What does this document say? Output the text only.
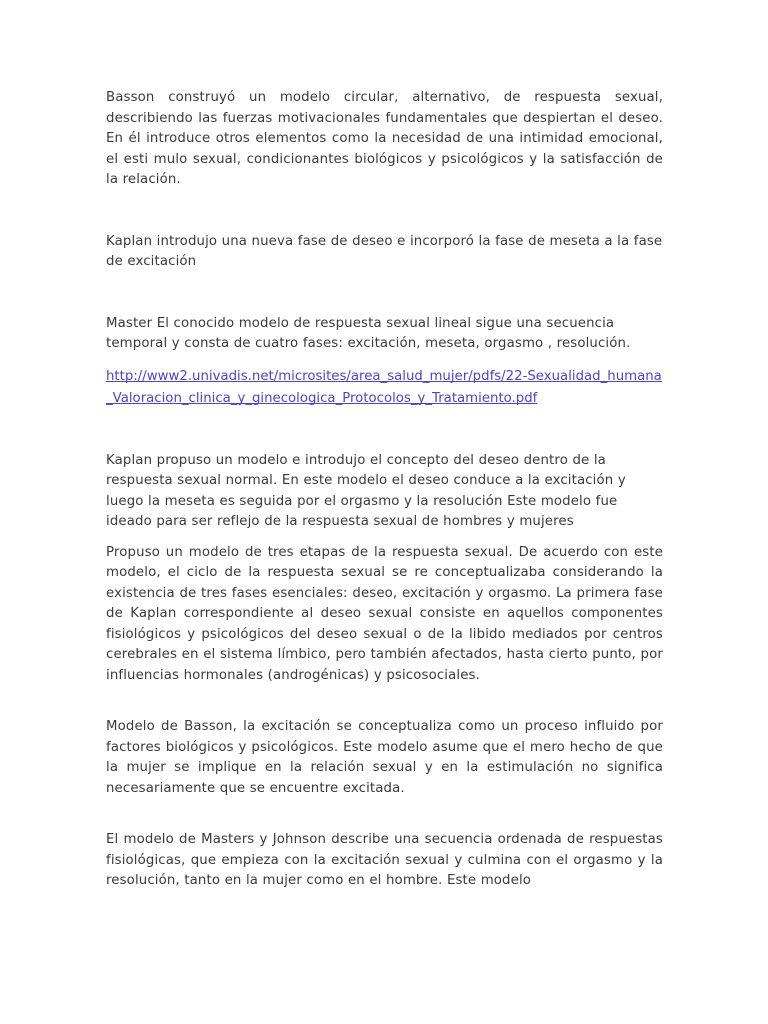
Basson construyó un modelo circular, alternativo, de respuesta sexual, describiendo las fuerzas motivacionales fundamentales que despiertan el deseo. En él introduce otros elementos como la necesidad de una intimidad emocional, el esti mulo sexual, condicionantes biológicos y psicológicos y la satisfacción de la relación.

Kaplan introdujo una nueva fase de deseo e incorporó la fase de meseta a la fase de excitación

Master El conocido modelo de respuesta sexual lineal sigue una secuencia temporal y consta de cuatro fases: excitación, meseta, orgasmo , resolución.

http://www2.univadis.net/microsites/area_salud_mujer/pdfs/22-Sexualidad_humana_Valoracion_clinica_y_ginecologica_Protocolos_y_Tratamiento.pdf

Kaplan propuso un modelo e introdujo el concepto del deseo dentro de la respuesta sexual normal. En este modelo el deseo conduce a la excitación y luego la meseta es seguida por el orgasmo y la resolución Este modelo fue ideado para ser reflejo de la respuesta sexual de hombres y mujeres

Propuso un modelo de tres etapas de la respuesta sexual. De acuerdo con este modelo, el ciclo de la respuesta sexual se re conceptualizaba considerando la existencia de tres fases esenciales: deseo, excitación y orgasmo. La primera fase de Kaplan correspondiente al deseo sexual consiste en aquellos componentes fisiológicos y psicológicos del deseo sexual o de la libido mediados por centros cerebrales en el sistema límbico, pero también afectados, hasta cierto punto, por influencias hormonales (androgénicas) y psicosociales.

Modelo de Basson, la excitación se conceptualiza como un proceso influido por factores biológicos y psicológicos. Este modelo asume que el mero hecho de que la mujer se implique en la relación sexual y en la estimulación no significa necesariamente que se encuentre excitada.

El modelo de Masters y Johnson describe una secuencia ordenada de respuestas fisiológicas, que empieza con la excitación sexual y culmina con el orgasmo y la resolución, tanto en la mujer como en el hombre. Este modelo
